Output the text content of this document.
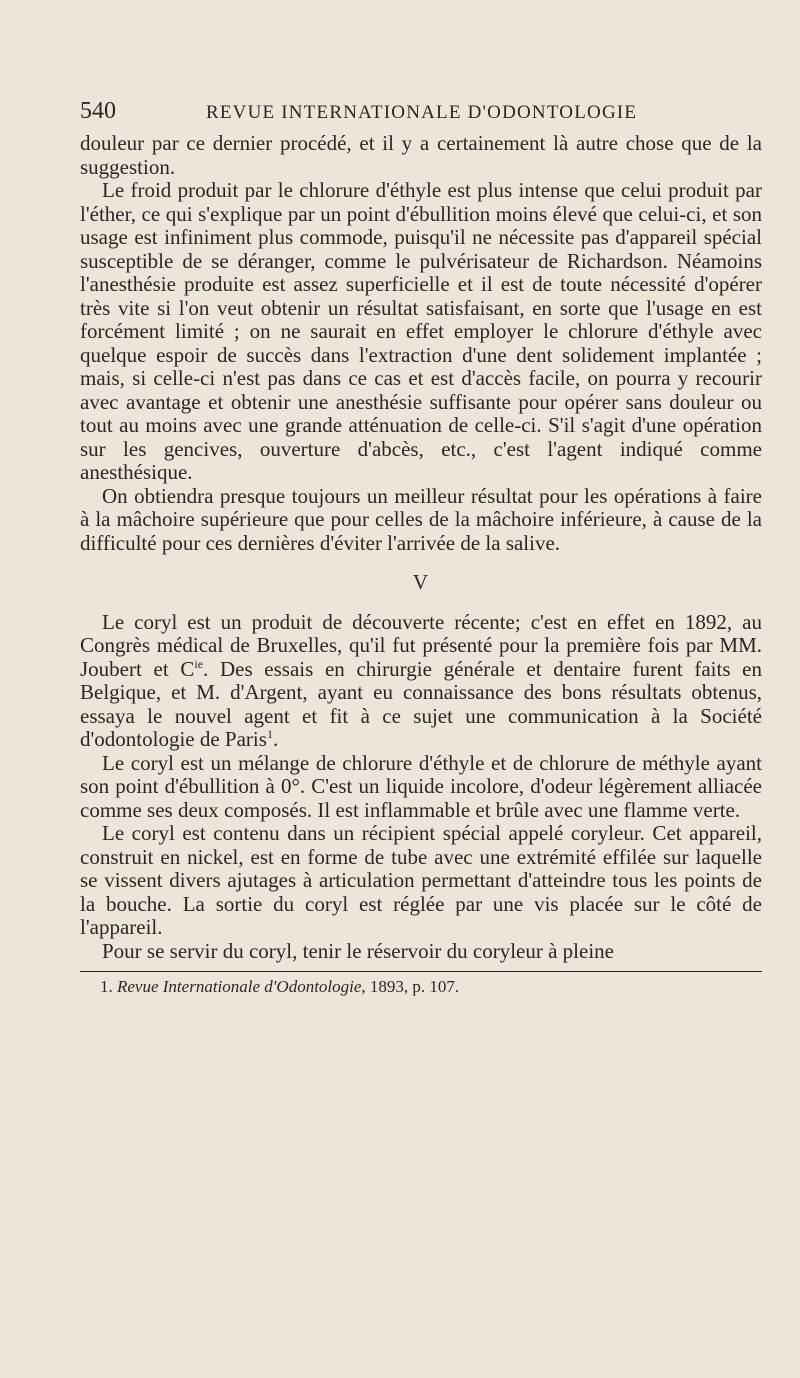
540	REVUE INTERNATIONALE D'ODONTOLOGIE

douleur par ce dernier procédé, et il y a certainement là autre chose que de la suggestion.

Le froid produit par le chlorure d'éthyle est plus intense que celui produit par l'éther, ce qui s'explique par un point d'ébullition moins élevé que celui-ci, et son usage est infiniment plus commode, puisqu'il ne nécessite pas d'appareil spécial susceptible de se déranger, comme le pulvérisateur de Richardson. Néamoins l'anesthésie produite est assez superficielle et il est de toute nécessité d'opérer très vite si l'on veut obtenir un résultat satisfaisant, en sorte que l'usage en est forcément limité ; on ne saurait en effet employer le chlorure d'éthyle avec quelque espoir de succès dans l'extraction d'une dent solidement implantée ; mais, si celle-ci n'est pas dans ce cas et est d'accès facile, on pourra y recourir avec avantage et obtenir une anesthésie suffisante pour opérer sans douleur ou tout au moins avec une grande atténuation de celle-ci. S'il s'agit d'une opération sur les gencives, ouverture d'abcès, etc., c'est l'agent indiqué comme anesthésique.

On obtiendra presque toujours un meilleur résultat pour les opérations à faire à la mâchoire supérieure que pour celles de la mâchoire inférieure, à cause de la difficulté pour ces dernières d'éviter l'arrivée de la salive.

V

Le coryl est un produit de découverte récente; c'est en effet en 1892, au Congrès médical de Bruxelles, qu'il fut présenté pour la première fois par MM. Joubert et $C^{ie}$. Des essais en chirurgie générale et dentaire furent faits en Belgique, et M. d'Argent, ayant eu connaissance des bons résultats obtenus, essaya le nouvel agent et fit à ce sujet une communication à la Société d'odontologie de Paris$^1$.

Le coryl est un mélange de chlorure d'éthyle et de chlorure de méthyle ayant son point d'ébullition à 0°. C'est un liquide incolore, d'odeur légèrement alliacée comme ses deux composés. Il est inflammable et brûle avec une flamme verte.

Le coryl est contenu dans un récipient spécial appelé coryleur. Cet appareil, construit en nickel, est en forme de tube avec une extrémité effilée sur laquelle se vissent divers ajutages à articulation permettant d'atteindre tous les points de la bouche. La sortie du coryl est réglée par une vis placée sur le côté de l'appareil.

Pour se servir du coryl, tenir le réservoir du coryleur à pleine

1. Revue Internationale d'Odontologie, 1893, p. 107.
